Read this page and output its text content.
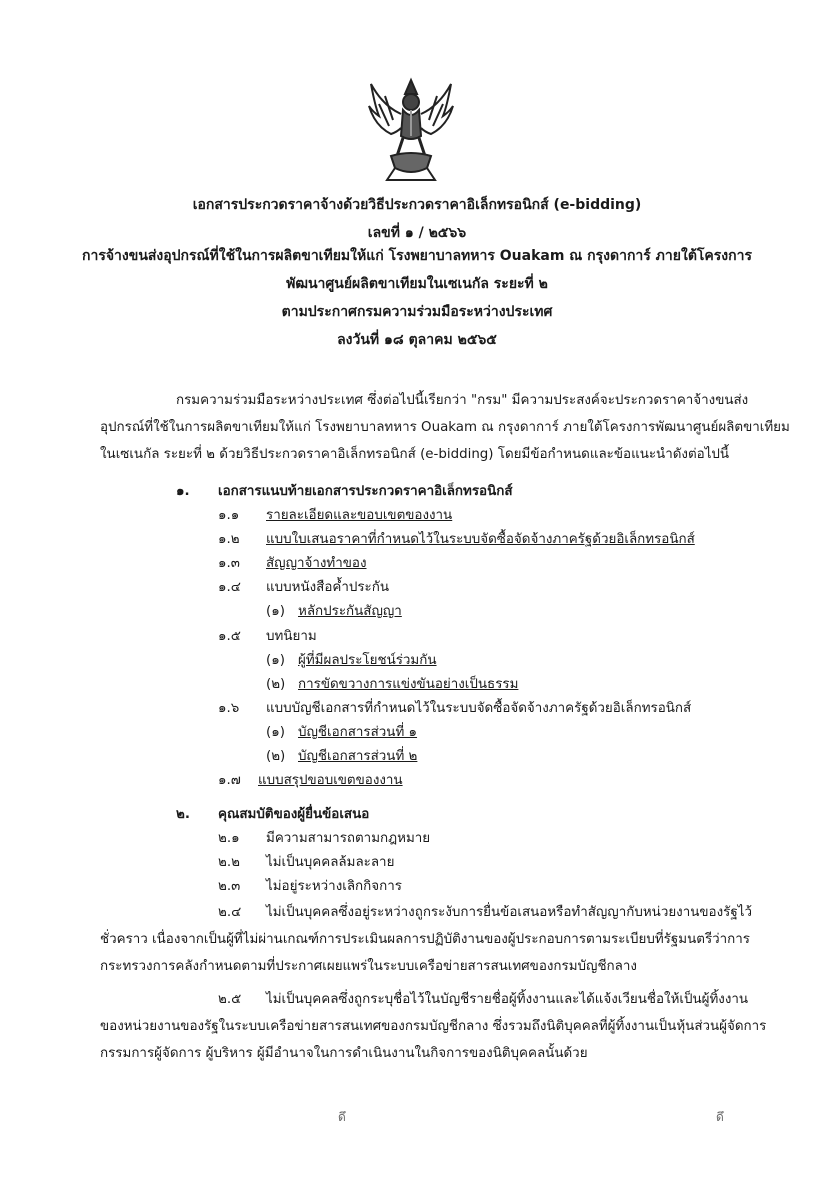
เอกสารประกวดราคาจ้างด้วยวิธีประกวดราคาอิเล็กทรอนิกส์ (e-bidding)
เลขที่ ๑ / ๒๕๖๖
การจ้างขนส่งอุปกรณ์ที่ใช้ในการผลิตขาเทียมให้แก่ โรงพยาบาลทหาร Ouakam ณ กรุงดาการ์ ภายใต้โครงการ
พัฒนาศูนย์ผลิตขาเทียมในเซเนกัล ระยะที่ ๒
ตามประกาศกรมความร่วมมือระหว่างประเทศ
ลงวันที่ ๑๘ ตุลาคม ๒๕๖๕
กรมความร่วมมือระหว่างประเทศ ซึ่งต่อไปนี้เรียกว่า "กรม" มีความประสงค์จะประกวดราคาจ้างขนส่ง
อุปกรณ์ที่ใช้ในการผลิตขาเทียมให้แก่ โรงพยาบาลทหาร Ouakam ณ กรุงดาการ์ ภายใต้โครงการพัฒนาศูนย์ผลิตขาเทียม
ในเซเนกัล ระยะที่ ๒ ด้วยวิธีประกวดราคาอิเล็กทรอนิกส์ (e-bidding) โดยมีข้อกำหนดและข้อแนะนำดังต่อไปนี้
๑. เอกสารแนบท้ายเอกสารประกวดราคาอิเล็กทรอนิกส์
๑.๑ รายละเอียดและขอบเขตของงาน
๑.๒ แบบใบเสนอราคาที่กำหนดไว้ในระบบจัดซื้อจัดจ้างภาครัฐด้วยอิเล็กทรอนิกส์
๑.๓ สัญญาจ้างทำของ
๑.๔ แบบหนังสือค้ำประกัน
(๑) หลักประกันสัญญา
๑.๕ บทนิยาม
(๑) ผู้ที่มีผลประโยชน์ร่วมกัน
(๒) การขัดขวางการแข่งขันอย่างเป็นธรรม
๑.๖ แบบบัญชีเอกสารที่กำหนดไว้ในระบบจัดซื้อจัดจ้างภาครัฐด้วยอิเล็กทรอนิกส์
(๑) บัญชีเอกสารส่วนที่ ๑
(๒) บัญชีเอกสารส่วนที่ ๒
๑.๗ แบบสรุปขอบเขตของงาน
๒. คุณสมบัติของผู้ยื่นข้อเสนอ
๒.๑ มีความสามารถตามกฎหมาย
๒.๒ ไม่เป็นบุคคลล้มละลาย
๒.๓ ไม่อยู่ระหว่างเลิกกิจการ
๒.๔ ไม่เป็นบุคคลซึ่งอยู่ระหว่างถูกระงับการยื่นข้อเสนอหรือทำสัญญากับหน่วยงานของรัฐไว้
ชั่วคราว เนื่องจากเป็นผู้ที่ไม่ผ่านเกณฑ์การประเมินผลการปฏิบัติงานของผู้ประกอบการตามระเบียบที่รัฐมนตรีว่าการ
กระทรวงการคลังกำหนดตามที่ประกาศเผยแพร่ในระบบเครือข่ายสารสนเทศของกรมบัญชีกลาง
๒.๕ ไม่เป็นบุคคลซึ่งถูกระบุชื่อไว้ในบัญชีรายชื่อผู้ทิ้งงานและได้แจ้งเวียนชื่อให้เป็นผู้ทิ้งงาน
ของหน่วยงานของรัฐในระบบเครือข่ายสารสนเทศของกรมบัญชีกลาง ซึ่งรวมถึงนิติบุคคลที่ผู้ทิ้งงานเป็นหุ้นส่วนผู้จัดการ
กรรมการผู้จัดการ ผู้บริหาร ผู้มีอำนาจในการดำเนินงานในกิจการของนิติบุคคลนั้นด้วย
ดึ	ดึ
